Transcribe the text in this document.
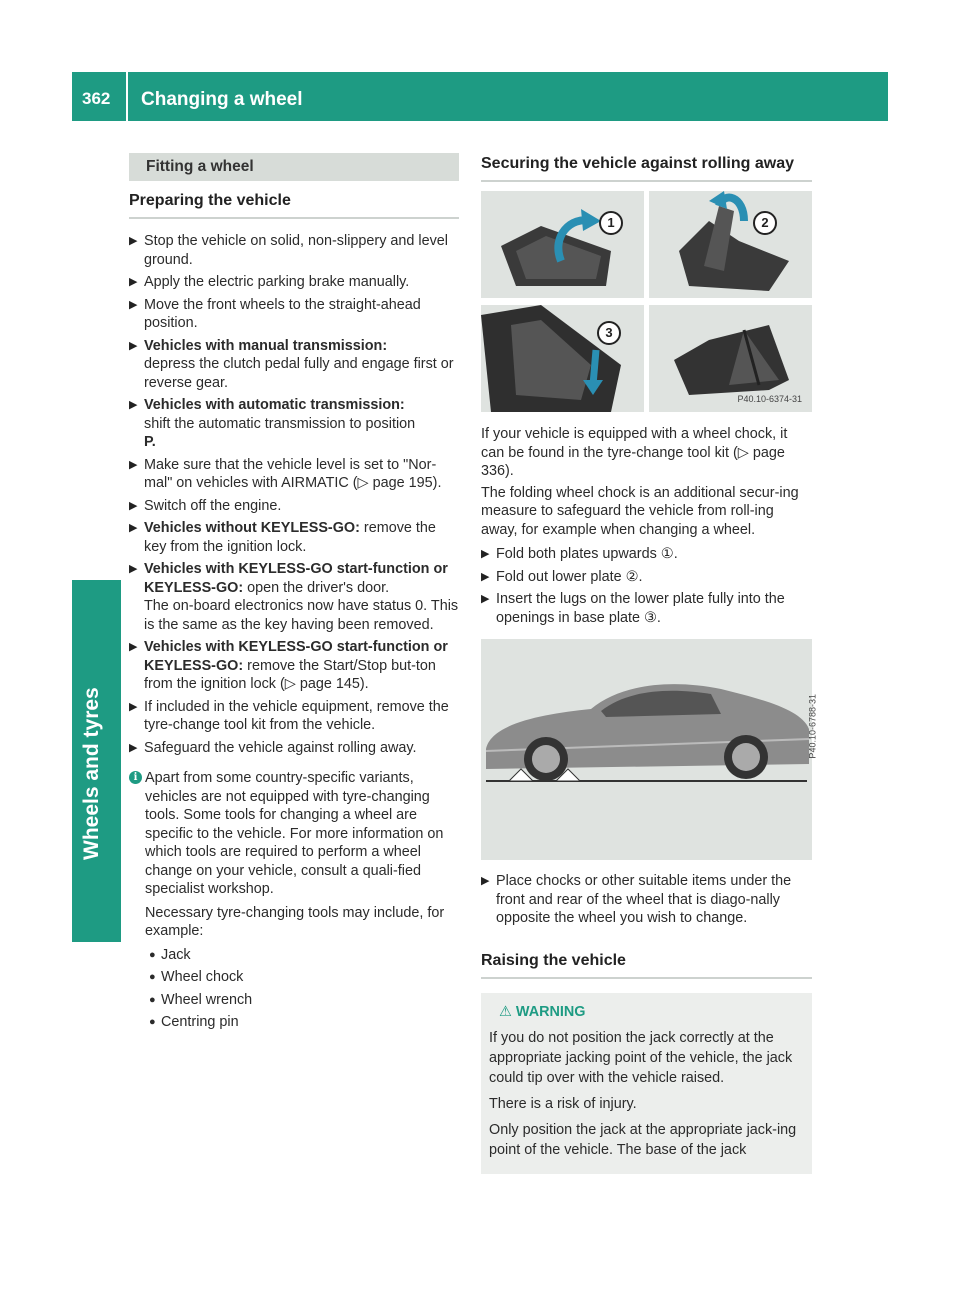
362 Changing a wheel
Wheels and tyres
Fitting a wheel
Preparing the vehicle
▶ Stop the vehicle on solid, non-slippery and level ground.
▶ Apply the electric parking brake manually.
▶ Move the front wheels to the straight-ahead position.
▶ Vehicles with manual transmission:
depress the clutch pedal fully and engage first or reverse gear.
▶ Vehicles with automatic transmission:
shift the automatic transmission to position
P.
▶ Make sure that the vehicle level is set to "Nor-mal" on vehicles with AIRMATIC (▷ page 195).
▶ Switch off the engine.
▶ Vehicles without KEYLESS-GO: remove the key from the ignition lock.
▶ Vehicles with KEYLESS-GO start-function or KEYLESS-GO: open the driver's door.
The on-board electronics now have status 0. This is the same as the key having been removed.
▶ Vehicles with KEYLESS-GO start-function or KEYLESS-GO: remove the Start/Stop but-ton from the ignition lock (▷ page 145).
▶ If included in the vehicle equipment, remove the tyre-change tool kit from the vehicle.
▶ Safeguard the vehicle against rolling away.
i Apart from some country-specific variants, vehicles are not equipped with tyre-changing tools. Some tools for changing a wheel are specific to the vehicle. For more information on which tools are required to perform a wheel change on your vehicle, consult a quali-fied specialist workshop.

Necessary tyre-changing tools may include, for example:

● Jack
● Wheel chock
● Wheel wrench
● Centring pin
Securing the vehicle against rolling away
1	2
3
P40.10-6374-31

If your vehicle is equipped with a wheel chock, it can be found in the tyre-change tool kit (▷ page 336).

The folding wheel chock is an additional secur-ing measure to safeguard the vehicle from roll-ing away, for example when changing a wheel.

▶ Fold both plates upwards ①.
▶ Fold out lower plate ②.
▶ Insert the lugs on the lower plate fully into the openings in base plate ③.
P40.10-6788-31
▶ Place chocks or other suitable items under the front and rear of the wheel that is diago-nally opposite the wheel you wish to change.
Raising the vehicle
⚠ WARNING

If you do not position the jack correctly at the appropriate jacking point of the vehicle, the jack could tip over with the vehicle raised.

There is a risk of injury.

Only position the jack at the appropriate jack-ing point of the vehicle. The base of the jack
